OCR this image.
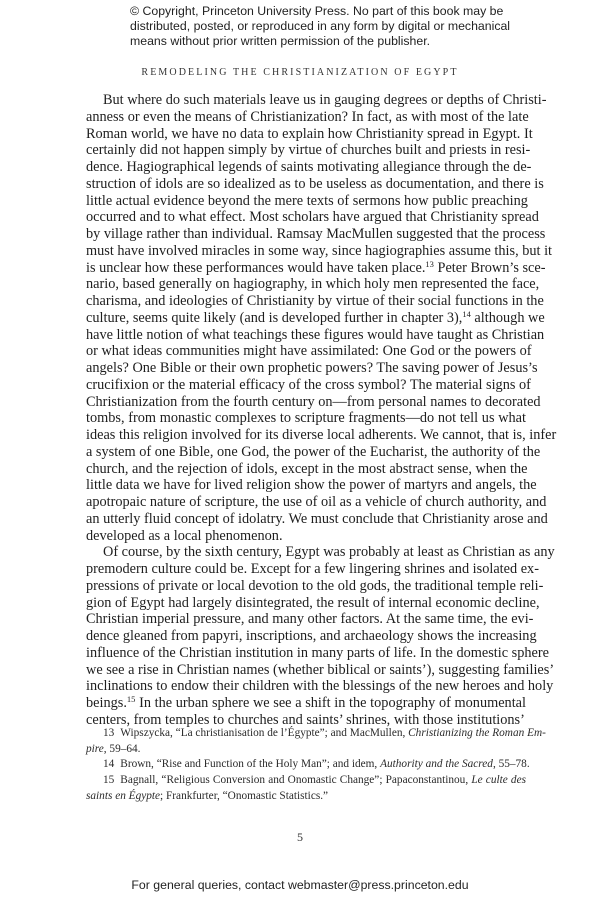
© Copyright, Princeton University Press. No part of this book may be
distributed, posted, or reproduced in any form by digital or mechanical
means without prior written permission of the publisher.
REMODELING THE CHRISTIANIZATION OF EGYPT

But where do such materials leave us in gauging degrees or depths of Christi-
anness or even the means of Christianization? In fact, as with most of the late
Roman world, we have no data to explain how Christianity spread in Egypt. It
certainly did not happen simply by virtue of churches built and priests in resi-
dence. Hagiographical legends of saints motivating allegiance through the de-
struction of idols are so idealized as to be useless as documentation, and there is
little actual evidence beyond the mere texts of sermons how public preaching
occurred and to what effect. Most scholars have argued that Christianity spread
by village rather than individual. Ramsay MacMullen suggested that the process
must have involved miracles in some way, since hagiographies assume this, but it
is unclear how these performances would have taken place.$^{13}$ Peter Brown’s sce-
nario, based generally on hagiography, in which holy men represented the face,
charisma, and ideologies of Christianity by virtue of their social functions in the
culture, seems quite likely (and is developed further in chapter 3),$^{14}$ although we
have little notion of what teachings these figures would have taught as Christian
or what ideas communities might have assimilated: One God or the powers of
angels? One Bible or their own prophetic powers? The saving power of Jesus’s
crucifixion or the material efficacy of the cross symbol? The material signs of
Christianization from the fourth century on—from personal names to decorated
tombs, from monastic complexes to scripture fragments—do not tell us what
ideas this religion involved for its diverse local adherents. We cannot, that is, infer
a system of one Bible, one God, the power of the Eucharist, the authority of the
church, and the rejection of idols, except in the most abstract sense, when the
little data we have for lived religion show the power of martyrs and angels, the
apotropaic nature of scripture, the use of oil as a vehicle of church authority, and
an utterly fluid concept of idolatry. We must conclude that Christianity arose and
developed as a local phenomenon.

Of course, by the sixth century, Egypt was probably at least as Christian as any
premodern culture could be. Except for a few lingering shrines and isolated ex-
pressions of private or local devotion to the old gods, the traditional temple reli-
gion of Egypt had largely disintegrated, the result of internal economic decline,
Christian imperial pressure, and many other factors. At the same time, the evi-
dence gleaned from papyri, inscriptions, and archaeology shows the increasing
influence of the Christian institution in many parts of life. In the domestic sphere
we see a rise in Christian names (whether biblical or saints’), suggesting families’
inclinations to endow their children with the blessings of the new heroes and holy
beings.$^{15}$ In the urban sphere we see a shift in the topography of monumental
centers, from temples to churches and saints’ shrines, with those institutions’

13 Wipszycka, “La christianisation de l’Égypte”; and MacMullen, Christianizing the Roman Em-
pire, 59–64.
14 Brown, “Rise and Function of the Holy Man”; and idem, Authority and the Sacred, 55–78.
15 Bagnall, “Religious Conversion and Onomastic Change”; Papaconstantinou, Le culte des
saints en Égypte; Frankfurter, “Onomastic Statistics.”
5
For general queries, contact webmaster@press.princeton.edu
